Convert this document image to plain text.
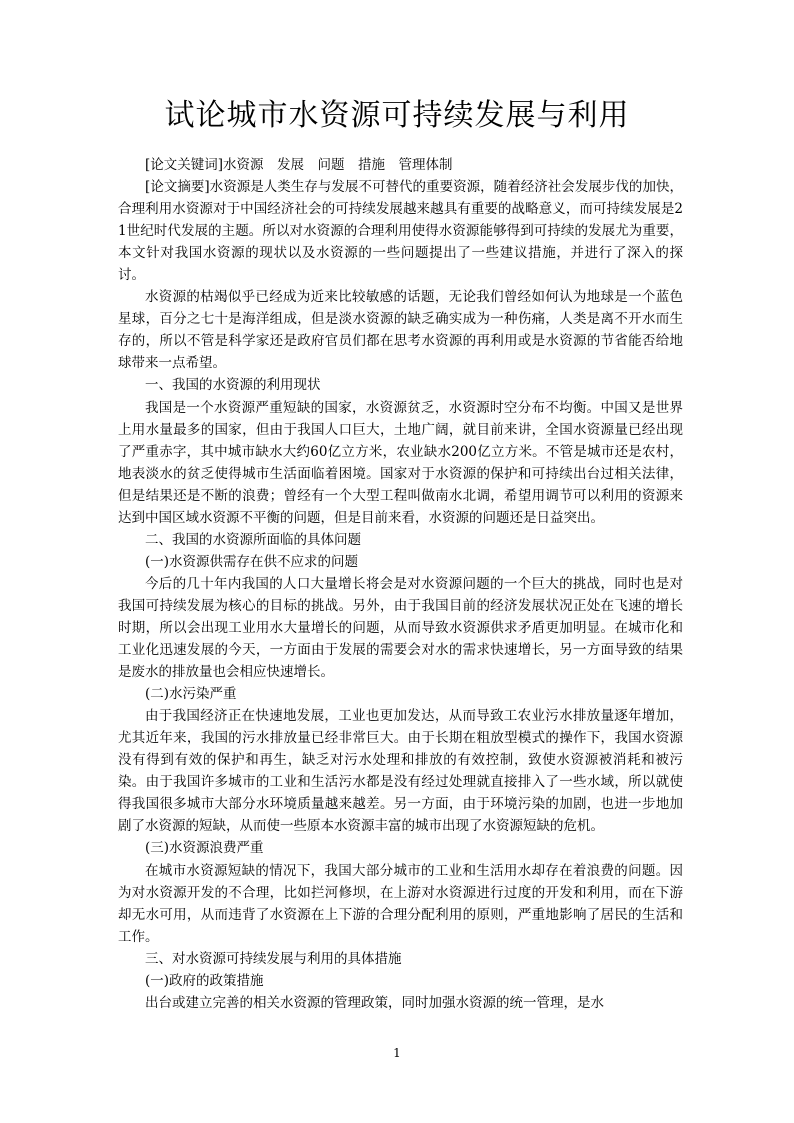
试论城市水资源可持续发展与利用

[论文关键词]水资源　发展　问题　措施　管理体制

[论文摘要]水资源是人类生存与发展不可替代的重要资源，随着经济社会发展步伐的加快，合理利用水资源对于中国经济社会的可持续发展越来越具有重要的战略意义，而可持续发展是21世纪时代发展的主题。所以对水资源的合理利用使得水资源能够得到可持续的发展尤为重要，本文针对我国水资源的现状以及水资源的一些问题提出了一些建议措施，并进行了深入的探讨。

水资源的枯竭似乎已经成为近来比较敏感的话题，无论我们曾经如何认为地球是一个蓝色星球，百分之七十是海洋组成，但是淡水资源的缺乏确实成为一种伤痛，人类是离不开水而生存的，所以不管是科学家还是政府官员们都在思考水资源的再利用或是水资源的节省能否给地球带来一点希望。

一、我国的水资源的利用现状

我国是一个水资源严重短缺的国家，水资源贫乏，水资源时空分布不均衡。中国又是世界上用水量最多的国家，但由于我国人口巨大，土地广阔，就目前来讲，全国水资源量已经出现了严重赤字，其中城市缺水大约60亿立方米，农业缺水200亿立方米。不管是城市还是农村，地表淡水的贫乏使得城市生活面临着困境。国家对于水资源的保护和可持续出台过相关法律，但是结果还是不断的浪费；曾经有一个大型工程叫做南水北调，希望用调节可以利用的资源来达到中国区域水资源不平衡的问题，但是目前来看，水资源的问题还是日益突出。

二、我国的水资源所面临的具体问题

(一)水资源供需存在供不应求的问题

今后的几十年内我国的人口大量增长将会是对水资源问题的一个巨大的挑战，同时也是对我国可持续发展为核心的目标的挑战。另外，由于我国目前的经济发展状况正处在飞速的增长时期，所以会出现工业用水大量增长的问题，从而导致水资源供求矛盾更加明显。在城市化和工业化迅速发展的今天，一方面由于发展的需要会对水的需求快速增长，另一方面导致的结果是废水的排放量也会相应快速增长。

(二)水污染严重

由于我国经济正在快速地发展，工业也更加发达，从而导致工农业污水排放量逐年增加，尤其近年来，我国的污水排放量已经非常巨大。由于长期在粗放型模式的操作下，我国水资源没有得到有效的保护和再生，缺乏对污水处理和排放的有效控制，致使水资源被消耗和被污染。由于我国许多城市的工业和生活污水都是没有经过处理就直接排入了一些水域，所以就使得我国很多城市大部分水环境质量越来越差。另一方面，由于环境污染的加剧，也进一步地加剧了水资源的短缺，从而使一些原本水资源丰富的城市出现了水资源短缺的危机。

(三)水资源浪费严重

在城市水资源短缺的情况下，我国大部分城市的工业和生活用水却存在着浪费的问题。因为对水资源开发的不合理，比如拦河修坝，在上游对水资源进行过度的开发和利用，而在下游却无水可用，从而违背了水资源在上下游的合理分配利用的原则，严重地影响了居民的生活和工作。

三、对水资源可持续发展与利用的具体措施

(一)政府的政策措施

出台或建立完善的相关水资源的管理政策，同时加强水资源的统一管理，是水

1
